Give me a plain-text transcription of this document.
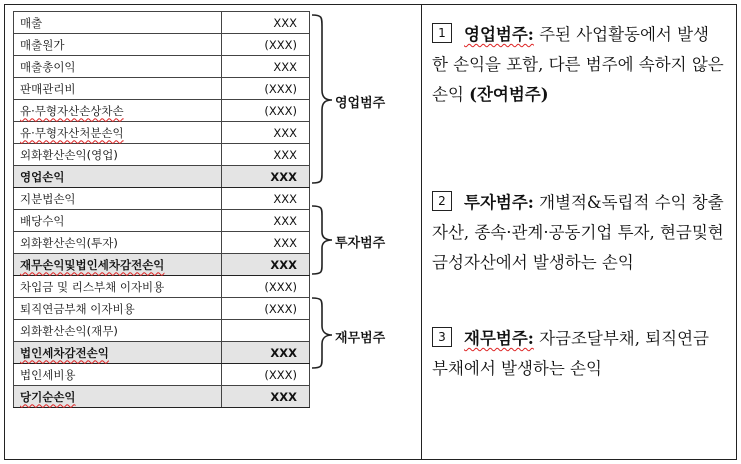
매출	XXX
매출원가	(XXX)
매출총이익	XXX
판매관리비	(XXX)
유·무형자산손상차손	(XXX)
유·무형자산처분손익	XXX
외화환산손익(영업)	XXX
영업손익	XXX
지분법손익	XXX
배당수익	XXX
외화환산손익(투자)	XXX
재무손익및법인세차감전손익	XXX
차입금 및 리스부채 이자비용	(XXX)
퇴직연금부채 이자비용	(XXX)
외화환산손익(재무)	
법인세차감전손익	XXX
법인세비용	(XXX)
당기순손익	XXX
영업범주
투자범주
재무범주
1 영업범주: 주된 사업활동에서 발생한 손익을 포함, 다른 범주에 속하지 않은 손익 (잔여범주)
2 투자범주: 개별적&독립적 수익 창출 자산, 종속·관계·공동기업 투자, 현금및현금성자산에서 발생하는 손익
3 재무범주: 자금조달부채, 퇴직연금부채에서 발생하는 손익
